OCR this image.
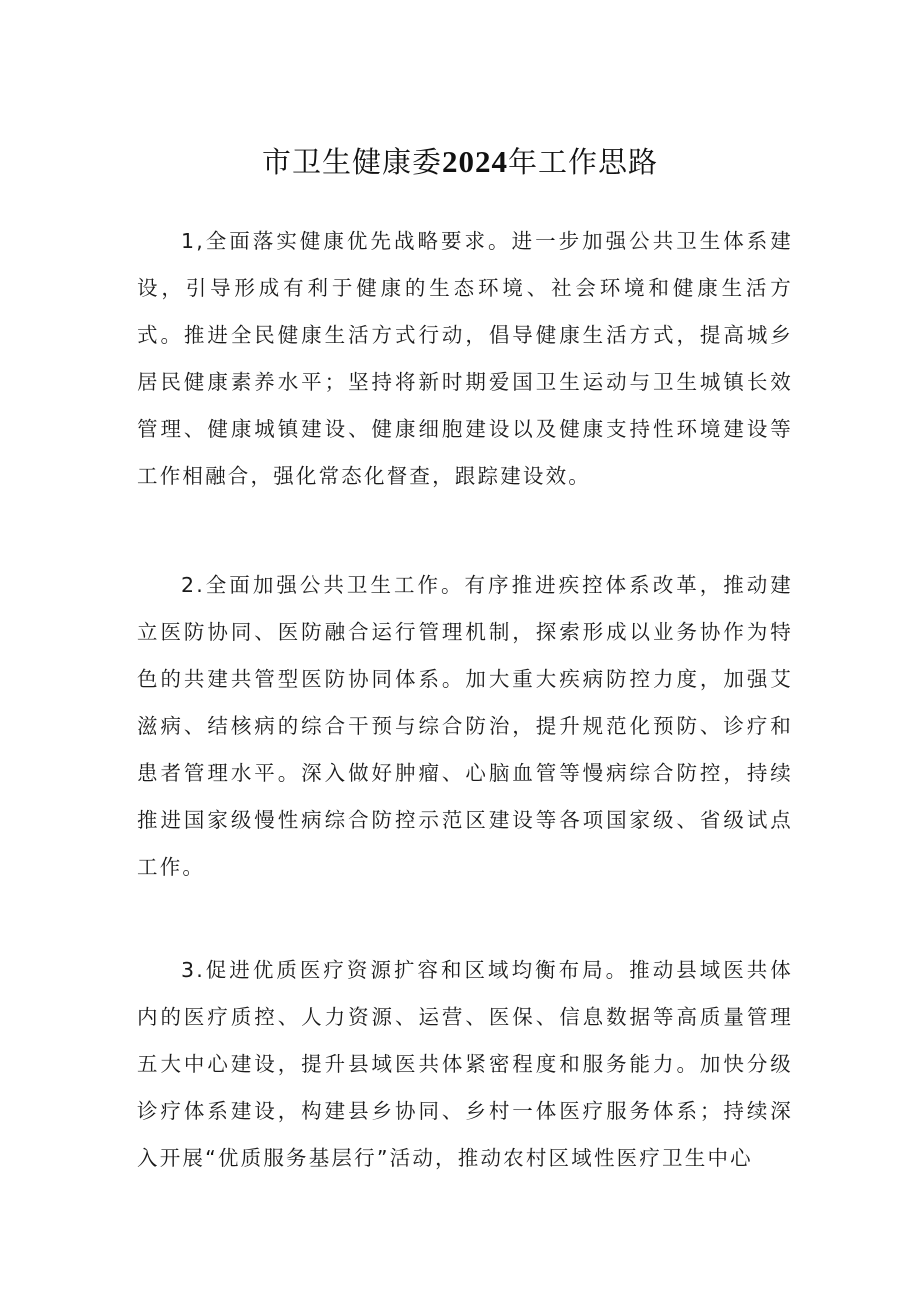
市卫生健康委2024年工作思路

1,全面落实健康优先战略要求。进一步加强公共卫生体系建设，引导形成有利于健康的生态环境、社会环境和健康生活方式。推进全民健康生活方式行动，倡导健康生活方式，提高城乡居民健康素养水平；坚持将新时期爱国卫生运动与卫生城镇长效管理、健康城镇建设、健康细胞建设以及健康支持性环境建设等工作相融合，强化常态化督查，跟踪建设效。

2.全面加强公共卫生工作。有序推进疾控体系改革，推动建立医防协同、医防融合运行管理机制，探索形成以业务协作为特色的共建共管型医防协同体系。加大重大疾病防控力度，加强艾滋病、结核病的综合干预与综合防治，提升规范化预防、诊疗和患者管理水平。深入做好肿瘤、心脑血管等慢病综合防控，持续推进国家级慢性病综合防控示范区建设等各项国家级、省级试点工作。

3.促进优质医疗资源扩容和区域均衡布局。推动县域医共体内的医疗质控、人力资源、运营、医保、信息数据等高质量管理五大中心建设，提升县域医共体紧密程度和服务能力。加快分级诊疗体系建设，构建县乡协同、乡村一体医疗服务体系；持续深入开展“优质服务基层行”活动，推动农村区域性医疗卫生中心
